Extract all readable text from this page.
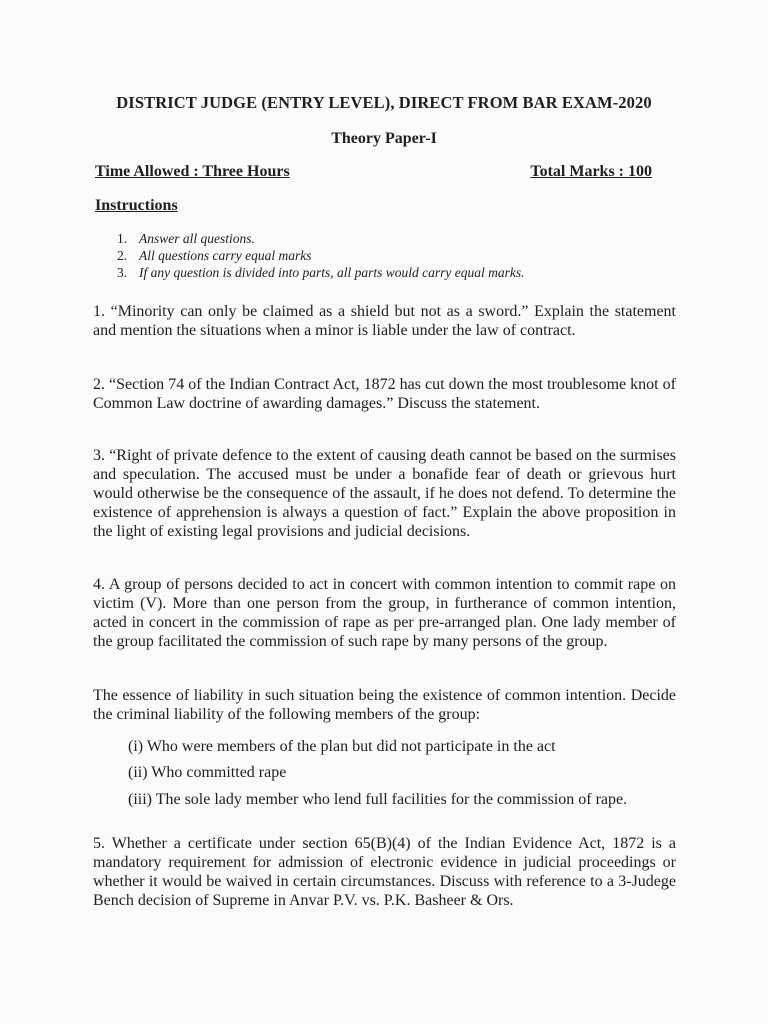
DISTRICT JUDGE (ENTRY LEVEL), DIRECT FROM BAR EXAM-2020
Theory Paper-I
Time Allowed : Three Hours	Total Marks : 100
Instructions
1. Answer all questions.
2. All questions carry equal marks
3. If any question is divided into parts, all parts would carry equal marks.
1. “Minority can only be claimed as a shield but not as a sword.” Explain the statement and mention the situations when a minor is liable under the law of contract.
2. “Section 74 of the Indian Contract Act, 1872 has cut down the most troublesome knot of Common Law doctrine of awarding damages.” Discuss the statement.
3. “Right of private defence to the extent of causing death cannot be based on the surmises and speculation. The accused must be under a bonafide fear of death or grievous hurt would otherwise be the consequence of the assault, if he does not defend. To determine the existence of apprehension is always a question of fact.” Explain the above proposition in the light of existing legal provisions and judicial decisions.
4. A group of persons decided to act in concert with common intention to commit rape on victim (V). More than one person from the group, in furtherance of common intention, acted in concert in the commission of rape as per pre-arranged plan. One lady member of the group facilitated the commission of such rape by many persons of the group.
The essence of liability in such situation being the existence of common intention. Decide the criminal liability of the following members of the group:
(i) Who were members of the plan but did not participate in the act
(ii) Who committed rape
(iii) The sole lady member who lend full facilities for the commission of rape.
5. Whether a certificate under section 65(B)(4) of the Indian Evidence Act, 1872 is a mandatory requirement for admission of electronic evidence in judicial proceedings or whether it would be waived in certain circumstances. Discuss with reference to a 3-Judege Bench decision of Supreme in Anvar P.V. vs. P.K. Basheer & Ors.
